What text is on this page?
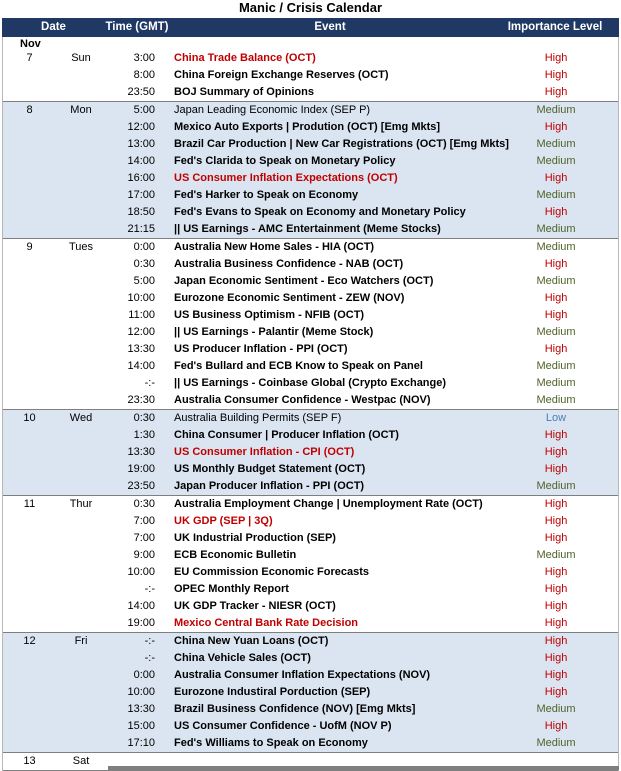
Manic / Crisis Calendar
Date	Time (GMT)	Event	Importance Level
Nov
7	Sun	3:00 China Trade Balance (OCT)	High
8:00 China Foreign Exchange Reserves (OCT)	High
23:50 BOJ Summary of Opinions	High
8	Mon	5:00 Japan Leading Economic Index (SEP P)	Medium
12:00 Mexico Auto Exports | Prodution (OCT) [Emg Mkts]	High
13:00 Brazil Car Production | New Car Registrations (OCT) [Emg Mkts]	Medium
14:00 Fed's Clarida to Speak on Monetary Policy	Medium
16:00 US Consumer Inflation Expectations (OCT)	High
17:00 Fed's Harker to Speak on Economy	Medium
18:50 Fed's Evans to Speak on Economy and Monetary Policy	High
21:15 || US Earnings - AMC Entertainment (Meme Stocks)	Medium
9	Tues	0:00 Australia New Home Sales - HIA (OCT)	Medium
0:30 Australia Business Confidence - NAB (OCT)	High
5:00 Japan Economic Sentiment - Eco Watchers (OCT)	Medium
10:00 Eurozone Economic Sentiment - ZEW (NOV)	High
11:00 US Business Optimism - NFIB (OCT)	High
12:00 || US Earnings - Palantir (Meme Stock)	Medium
13:30 US Producer Inflation - PPI (OCT)	High
14:00 Fed's Bullard and ECB Know to Speak on Panel	Medium
-:- || US Earnings - Coinbase Global (Crypto Exchange)	Medium
23:30 Australia Consumer Confidence - Westpac (NOV)	Medium
10	Wed	0:30 Australia Building Permits (SEP F)	Low
1:30 China Consumer | Producer Inflation (OCT)	High
13:30 US Consumer Inflation - CPI (OCT)	High
19:00 US Monthly Budget Statement (OCT)	High
23:50 Japan Producer Inflation - PPI (OCT)	Medium
11	Thur	0:30 Australia Employment Change | Unemployment Rate (OCT)	High
7:00 UK GDP (SEP | 3Q)	High
7:00 UK Industrial Production (SEP)	High
9:00 ECB Economic Bulletin	Medium
10:00 EU Commission Economic Forecasts	High
-:- OPEC Monthly Report	High
14:00 UK GDP Tracker - NIESR (OCT)	High
19:00 Mexico Central Bank Rate Decision	High
12	Fri	-:- China New Yuan Loans (OCT)	High
-:- China Vehicle Sales (OCT)	High
0:00 Australia Consumer Inflation Expectations (NOV)	High
10:00 Eurozone Industiral Porduction (SEP)	High
13:30 Brazil Business Confidence (NOV) [Emg Mkts]	Medium
15:00 US Consumer Confidence - UofM (NOV P)	High
17:10 Fed's Williams to Speak on Economy	Medium
13	Sat
